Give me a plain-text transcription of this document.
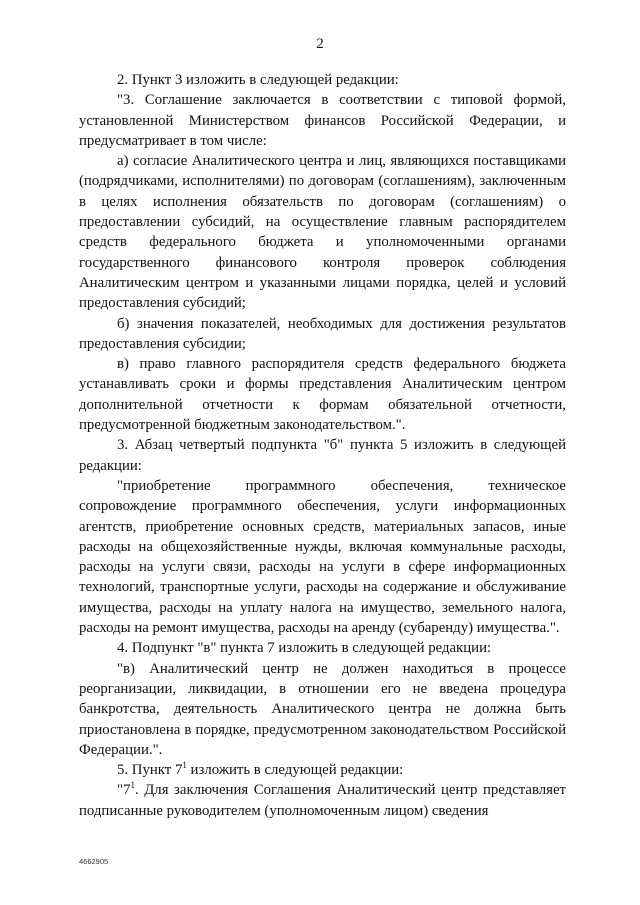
2

2. Пункт 3 изложить в следующей редакции:

"3. Соглашение заключается в соответствии с типовой формой, установленной Министерством финансов Российской Федерации, и предусматривает в том числе:

а) согласие Аналитического центра и лиц, являющихся поставщиками (подрядчиками, исполнителями) по договорам (соглашениям), заключенным в целях исполнения обязательств по договорам (соглашениям) о предоставлении субсидий, на осуществление главным распорядителем средств федерального бюджета и уполномоченными органами государственного финансового контроля проверок соблюдения Аналитическим центром и указанными лицами порядка, целей и условий предоставления субсидий;

б) значения показателей, необходимых для достижения результатов предоставления субсидии;

в) право главного распорядителя средств федерального бюджета устанавливать сроки и формы представления Аналитическим центром дополнительной отчетности к формам обязательной отчетности, предусмотренной бюджетным законодательством.".

3. Абзац четвертый подпункта "б" пункта 5 изложить в следующей редакции:

"приобретение программного обеспечения, техническое сопровождение программного обеспечения, услуги информационных агентств, приобретение основных средств, материальных запасов, иные расходы на общехозяйственные нужды, включая коммунальные расходы, расходы на услуги связи, расходы на услуги в сфере информационных технологий, транспортные услуги, расходы на содержание и обслуживание имущества, расходы на уплату налога на имущество, земельного налога, расходы на ремонт имущества, расходы на аренду (субаренду) имущества.".

4. Подпункт "в" пункта 7 изложить в следующей редакции:

"в) Аналитический центр не должен находиться в процессе реорганизации, ликвидации, в отношении его не введена процедура банкротства, деятельность Аналитического центра не должна быть приостановлена в порядке, предусмотренном законодательством Российской Федерации.".

5. Пункт $7^1$ изложить в следующей редакции:

"$7^1$. Для заключения Соглашения Аналитический центр представляет подписанные руководителем (уполномоченным лицом) сведения

4662905
